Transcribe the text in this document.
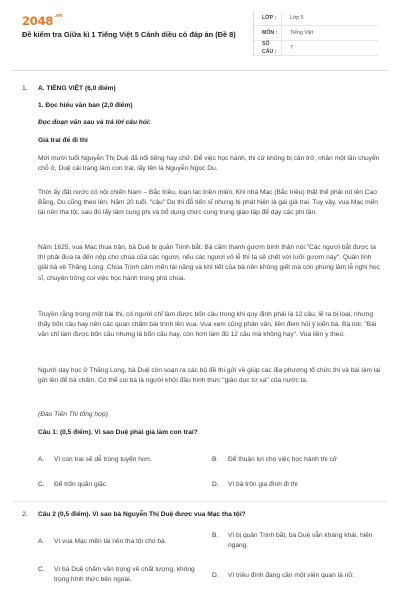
$2048^{.vn}$
Đề kiểm tra Giữa kì 1 Tiếng Việt 5 Cánh diều có đáp án (Đề 8)
LỚP :	Lớp 5
MÔN :	Tiếng Việt
SỐ CÂU :
7
1. A. TIẾNG VIỆT (6,0 điểm)
1. Đọc hiểu văn bản (2,0 điểm)
Đọc đoạn văn sau và trả lời câu hỏi:
Giả trai để đi thi
Mới mười tuổi Nguyễn Thị Duệ đã nổi tiếng hay chữ. Để việc học hành, thi cử không bị cản trở, nhân một lần chuyển chỗ ở, Duệ cải trang làm con trai, lấy tên là Nguyễn Ngọc Du.
Thời ấy đất nước có nội chiến Nam – Bắc triều, loạn lạc triền miên. Khi nhà Mạc (Bắc triều) thất thế phải rút lên Cao Bằng, Du cũng theo lên. Năm 20 tuổi, "cậu" Du thi đỗ tiến sĩ nhưng bị phát hiện là gái giả trai. Tuy vậy, vua Mạc mến tài nên tha tội, sau đó lấy làm cung phi và bổ dụng chức cung trung giáo tập để dạy các phi tần.
Năm 1625, vua Mạc thua trận, bà Duệ bị quân Trịnh bắt. Bà cầm thanh gươm bình thản nói:"Các ngươi bắt được ta thì phải đưa ta đến nộp cho chúa của các ngươi, nếu các ngươi vô lễ thì ta sẽ chết với lưỡi gươm này". Quân lính giải bà về Thăng Long. Chúa Trịnh cảm mến tài năng và khí tiết của bà nên không giết mà còn phong làm lễ nghi học sĩ, chuyên trông coi việc học hành trong phủ chúa.
Truyền rằng trong một bài thi, có người chỉ làm được bốn câu trong khi quy định phải là 12 câu, lẽ ra bị loại, nhưng thấy bốn câu hay nên các quan chấm bài trình lên vua. Vua xem cũng phân vân, liền đem hỏi ý kiến bà. Bà nói: "Bài văn chỉ làm được bốn câu nhưng là bốn câu hay, còn hơn làm đủ 12 câu mà không hay". Vua liền y theo.
Người dạy học ở Thăng Long, bà Duệ còn soạn ra các bộ đề thi gửi về giúp các địa phương tổ chức thi và bài làm lại gửi lên để bà chấm. Có thể coi bà là người khởi đầu hình thức "giáo dục từ xa" của nước ta.
(Đào Tiến Thi tổng hợp)
Câu 1: (0,5 điểm). Vì sao Duệ phải giả làm con trai?
A.	Vì con trai sẽ dễ trúng tuyển hơn.	B.	Để thuận lợi cho việc học hành thi cử
C.	Để trốn quân giặc	D.	Vì bà trốn gia đình đi thi
2. Câu 2 (0,5 điểm). Vì sao bà Nguyễn Thị Duệ được vua Mạc tha tội?
A.	Vì vua Mạc mến tài nên tha tội cho bà.
B.	Vì bị quân Trịnh bắt, bà Duệ vẫn kháng khái, hiên ngang.
C.	Vì bà Duệ chấm văn trọng về chất lượng, không trọng hình thức bên ngoài.
D.	Vì triều đình đang cần một viên quan là nữ.
